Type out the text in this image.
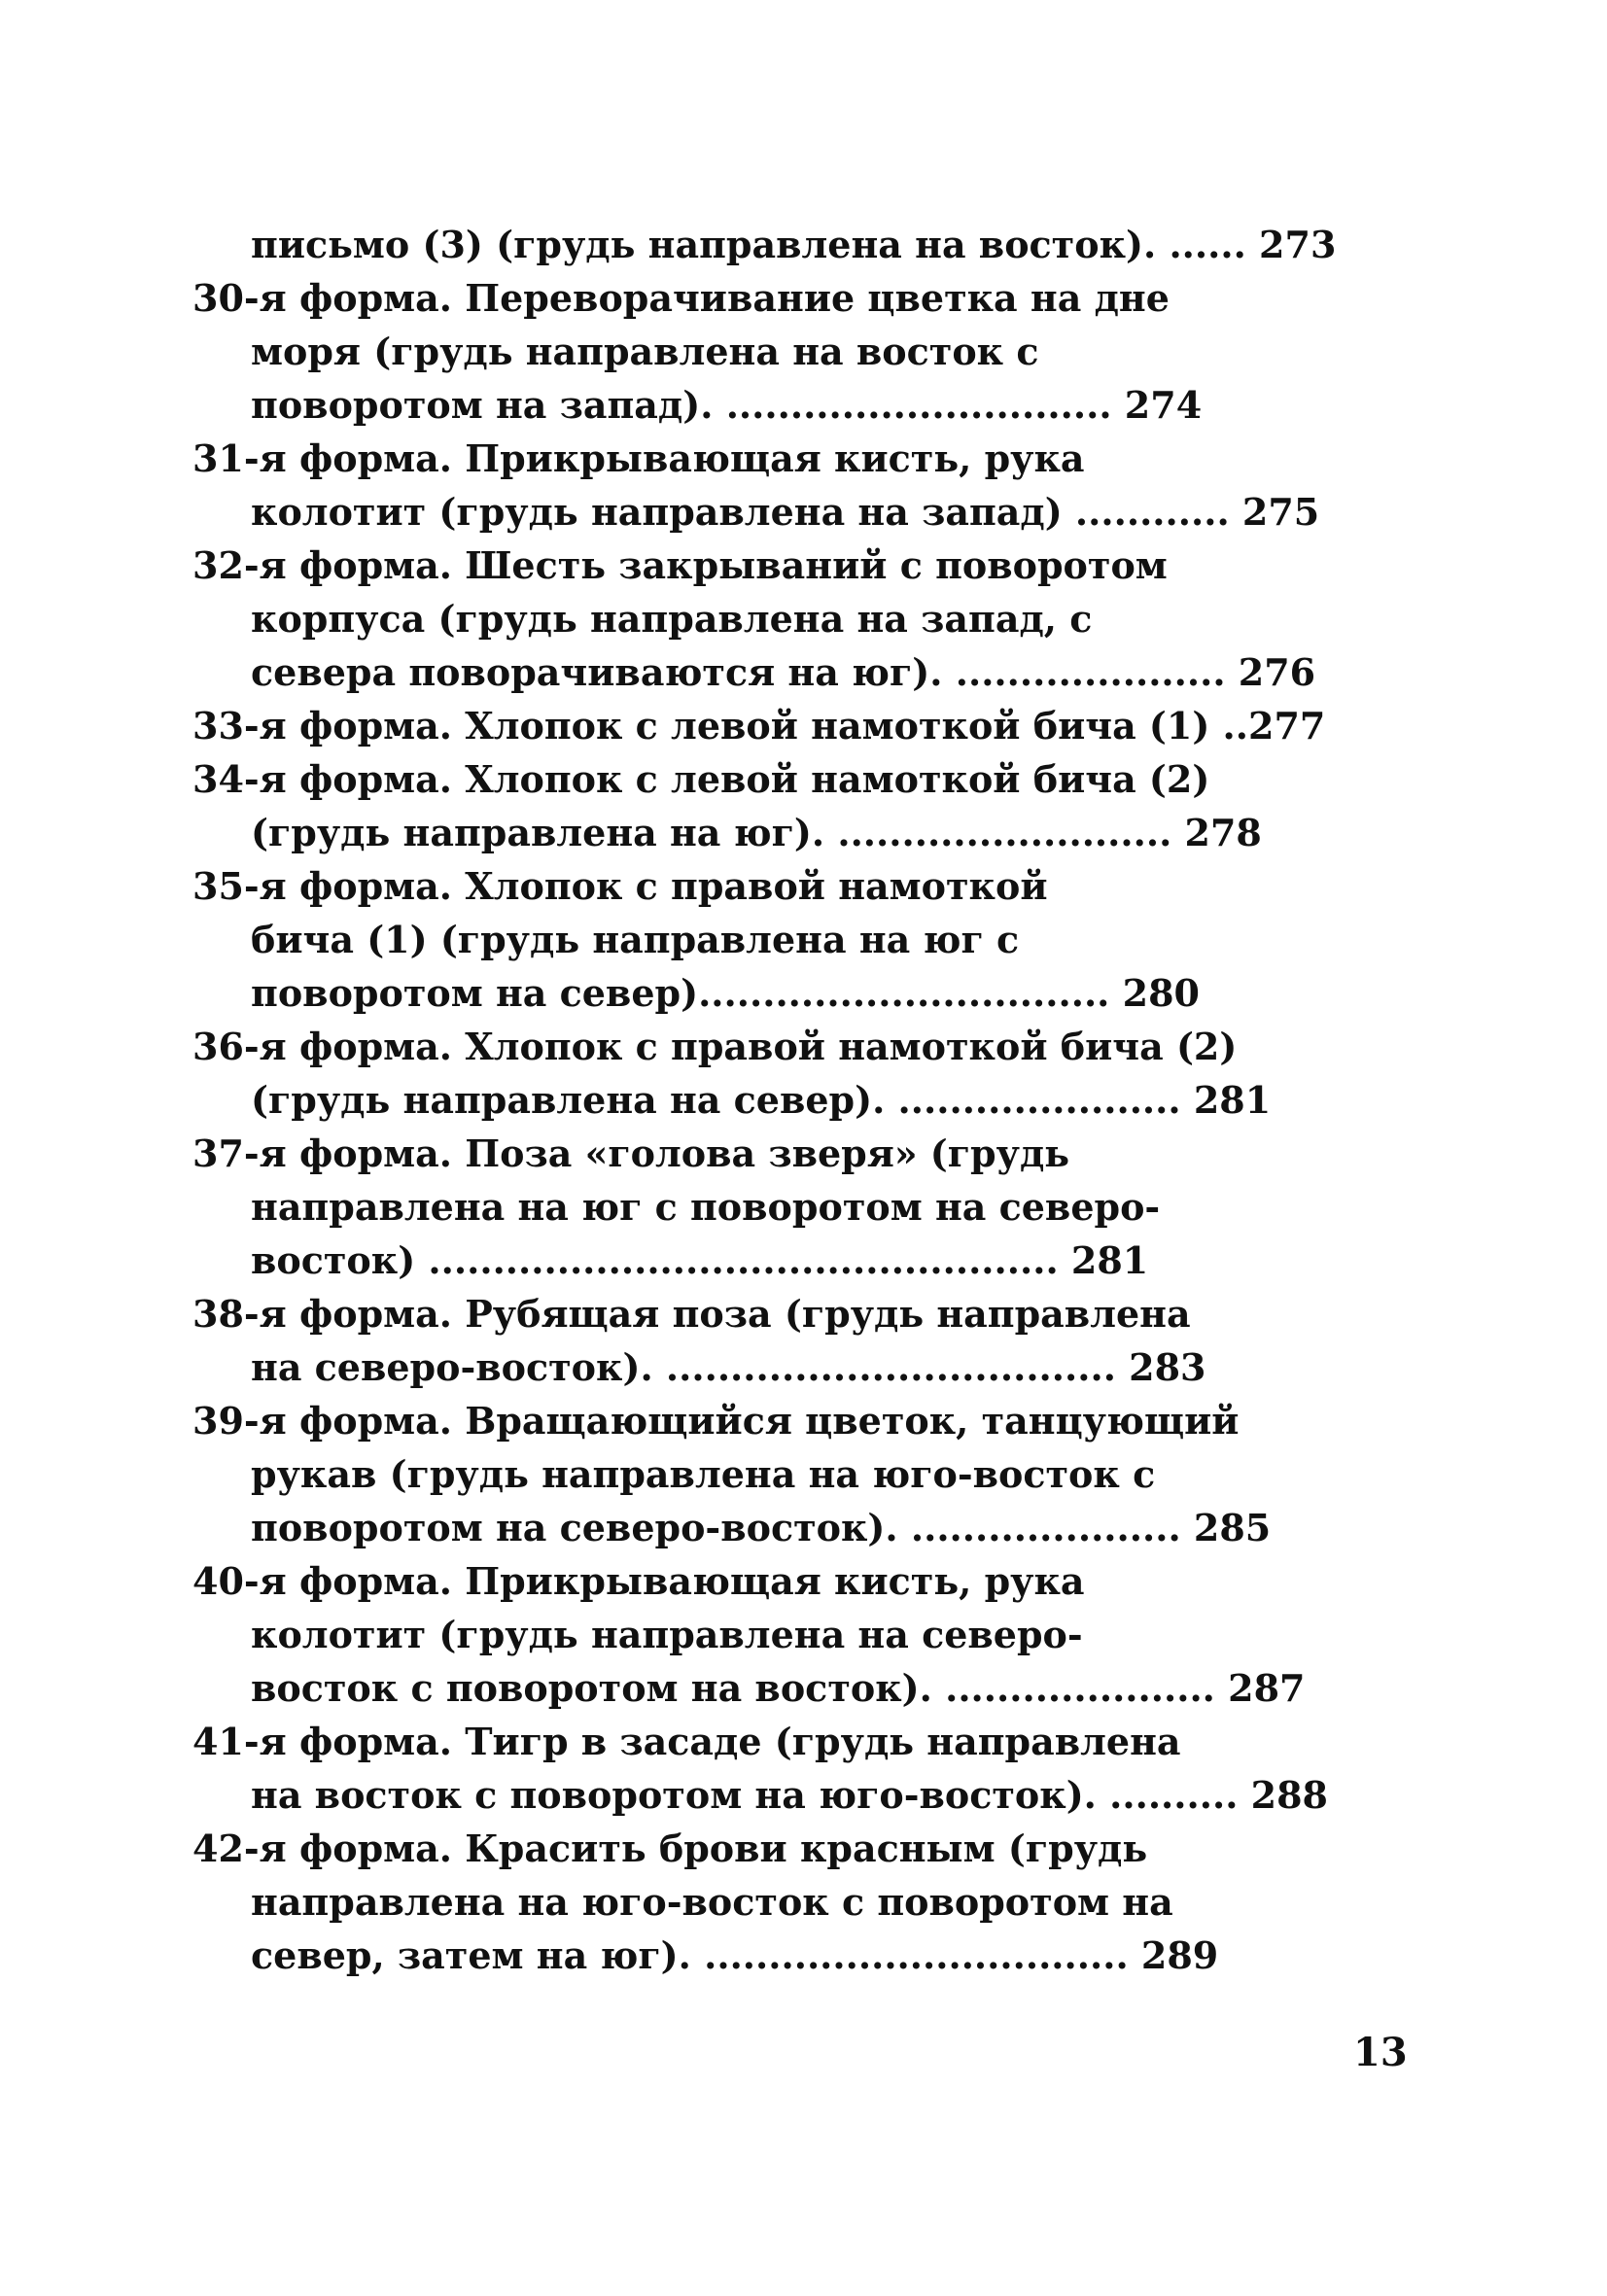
письмо (3) (грудь направлена на восток). ...... 273
30-я форма. Переворачивание цветка на дне
моря (грудь направлена на восток с
поворотом на запад). .............................. 274
31-я форма. Прикрывающая кисть, рука
колотит (грудь направлена на запад) ............ 275
32-я форма. Шесть закрываний с поворотом
корпуса (грудь направлена на запад, с
севера поворачиваются на юг). ..................... 276
33-я форма. Хлопок с левой намоткой бича (1) ..277
34-я форма. Хлопок с левой намоткой бича (2)
(грудь направлена на юг). .......................... 278
35-я форма. Хлопок с правой намоткой
бича (1) (грудь направлена на юг с
поворотом на север)................................ 280
36-я форма. Хлопок с правой намоткой бича (2)
(грудь направлена на север). ...................... 281
37-я форма. Поза «голова зверя» (грудь
направлена на юг с поворотом на северо-
восток) ................................................. 281
38-я форма. Рубящая поза (грудь направлена
на северо-восток). ................................... 283
39-я форма. Вращающийся цветок, танцующий
рукав (грудь направлена на юго-восток с
поворотом на северо-восток). ..................... 285
40-я форма. Прикрывающая кисть, рука
колотит (грудь направлена на северо-
восток с поворотом на восток). ..................... 287
41-я форма. Тигр в засаде (грудь направлена
на восток с поворотом на юго-восток). .......... 288
42-я форма. Красить брови красным (грудь
направлена на юго-восток с поворотом на
север, затем на юг). ................................. 289
13
